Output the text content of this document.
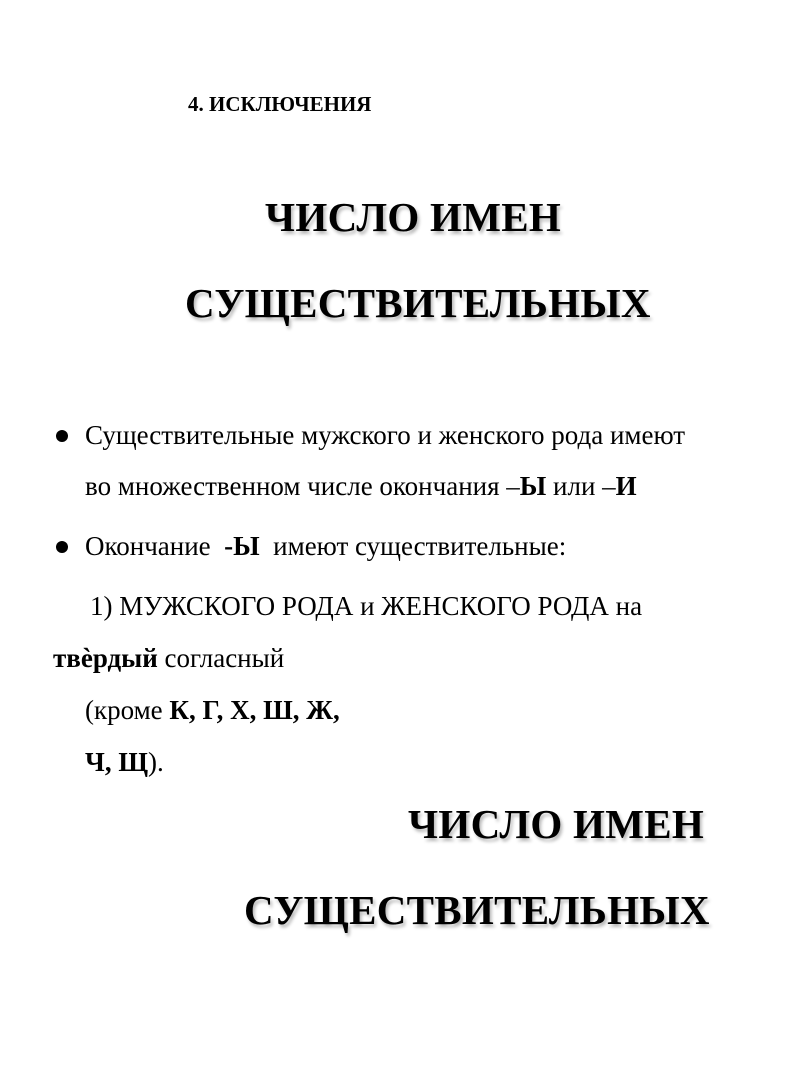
4. ИСКЛЮЧЕНИЯ
ЧИСЛО ИМЕН
СУЩЕСТВИТЕЛЬНЫХ
Существительные мужского и женского рода имеют
во множественном числе окончания –Ы или –И
Окончание  -Ы  имеют существительные:
1) МУЖСКОГО РОДА и ЖЕНСКОГО РОДА на
твѐрдый согласный
(кроме К, Г, Х, Ш, Ж,
Ч, Щ).
ЧИСЛО ИМЕН
СУЩЕСТВИТЕЛЬНЫХ
